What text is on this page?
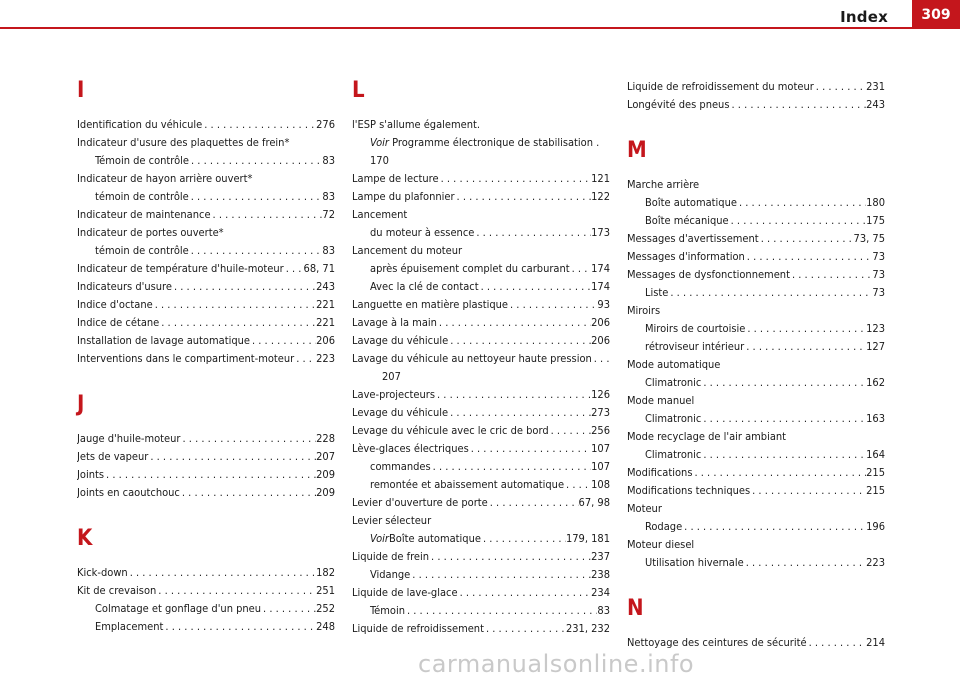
Index	309
I
Identification du véhicule . . .	276
Indicateur d'usure des plaquettes de frein*
Témoin de contrôle . . .	83
Indicateur de hayon arrière ouvert*
témoin de contrôle . . .	83
Indicateur de maintenance . . .	72
Indicateur de portes ouverte*
témoin de contrôle . . .	83
Indicateur de température d'huile-moteur . . . 68, 71
Indicateurs d'usure . . .	243
Indice d'octane . . .	221
Indice de cétane . . .	221
Installation de lavage automatique . . .	206
Interventions dans le compartiment-moteur . . . 223
J
Jauge d'huile-moteur . . .	228
Jets de vapeur . . .	207
Joints . . .	209
Joints en caoutchouc . . .	209
K
Kick-down . . .	182
Kit de crevaison . . .	251
Colmatage et gonflage d'un pneu . . .	252
Emplacement . . .	248
L
l'ESP s'allume également.
Voir Programme électronique de stabilisation .
170
Lampe de lecture . . .	121
Lampe du plafonnier . . .	122
Lancement
du moteur à essence . . .	173
Lancement du moteur
après épuisement complet du carburant . . . 174
Avec la clé de contact . . .	174
Languette en matière plastique . . .	93
Lavage à la main . . .	206
Lavage du véhicule . . .	206
Lavage du véhicule au nettoyeur haute pression
. . .
207
Lave-projecteurs . . .	126
Levage du véhicule . . .	273
Levage du véhicule avec le cric de bord . . .	256
Lève-glaces électriques . . .	107
commandes . . .	107
remontée et abaissement automatique . . . 108
Levier d'ouverture de porte . . .	67, 98
Levier sélecteur
Voir Boîte automatique . . .	179, 181
Liquide de frein . . .	237
Vidange . . .	238
Liquide de lave-glace . . .	234
Témoin . . .	83
Liquide de refroidissement . . .	231, 232
Liquide de refroidissement du moteur . . .	231
Longévité des pneus . . .	243
M
Marche arrière
Boîte automatique . . .	180
Boîte mécanique . . .	175
Messages d'avertissement . . .	73, 75
Messages d'information . . .	73
Messages de dysfonctionnement . . .	73
Liste . . .	73
Miroirs
Miroirs de courtoisie . . .	123
rétroviseur intérieur . . .	127
Mode automatique
Climatronic . . .	162
Mode manuel
Climatronic . . .	163
Mode recyclage de l'air ambiant
Climatronic . . .	164
Modifications . . .	215
Modifications techniques . . .	215
Moteur
Rodage . . .	196
Moteur diesel
Utilisation hivernale . . .	223
N
Nettoyage des ceintures de sécurité . . .	214
carmanualsonline.info
